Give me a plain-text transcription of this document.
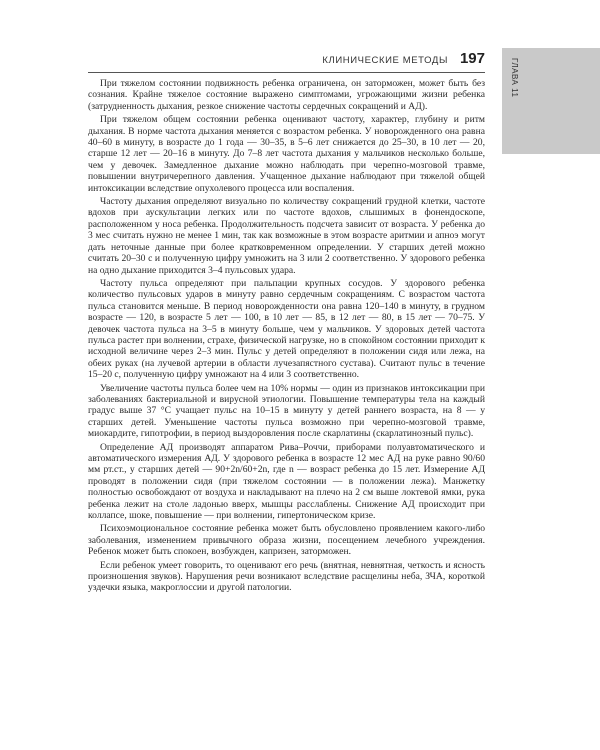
КЛИНИЧЕСКИЕ МЕТОДЫ 197	ГЛАВА 11

При тяжелом состоянии подвижность ребенка ограничена, он заторможен, может быть без сознания. Крайне тяжелое состояние выражено симптомами, угрожающими жизни ребенка (затрудненность дыхания, резкое снижение частоты сердечных сокращений и АД).

При тяжелом общем состоянии ребенка оценивают частоту, характер, глубину и ритм дыхания. В норме частота дыхания меняется с возрастом ребенка. У новорожденного она равна 40–60 в минуту, в возрасте до 1 года — 30–35, в 5–6 лет снижается до 25–30, в 10 лет — 20, старше 12 лет — 20–16 в минуту. До 7–8 лет частота дыхания у мальчиков несколько больше, чем у девочек. Замедленное дыхание можно наблюдать при черепно-мозговой травме, повышении внутричерепного давления. Учащенное дыхание наблюдают при тяжелой общей интоксикации вследствие опухолевого процесса или воспаления.

Частоту дыхания определяют визуально по количеству сокращений грудной клетки, частоте вдохов при аускультации легких или по частоте вдохов, слышимых в фонендоскопе, расположенном у носа ребенка. Продолжительность подсчета зависит от возраста. У ребенка до 3 мес считать нужно не менее 1 мин, так как возможные в этом возрасте аритмии и апноэ могут дать неточные данные при более кратковременном определении. У старших детей можно считать 20–30 с и полученную цифру умножить на 3 или 2 соответственно. У здорового ребенка на одно дыхание приходится 3–4 пульсовых удара.

Частоту пульса определяют при пальпации крупных сосудов. У здорового ребенка количество пульсовых ударов в минуту равно сердечным сокращениям. С возрастом частота пульса становится меньше. В период новорожденности она равна 120–140 в минуту, в грудном возрасте — 120, в возрасте 5 лет — 100, в 10 лет — 85, в 12 лет — 80, в 15 лет — 70–75. У девочек частота пульса на 3–5 в минуту больше, чем у мальчиков. У здоровых детей частота пульса растет при волнении, страхе, физической нагрузке, но в спокойном состоянии приходит к исходной величине через 2–3 мин. Пульс у детей определяют в положении сидя или лежа, на обеих руках (на лучевой артерии в области лучезапястного сустава). Считают пульс в течение 15–20 с, полученную цифру умножают на 4 или 3 соответственно.

Увеличение частоты пульса более чем на 10% нормы — один из признаков интоксикации при заболеваниях бактериальной и вирусной этиологии. Повышение температуры тела на каждый градус выше 37 °С учащает пульс на 10–15 в минуту у детей раннего возраста, на 8 — у старших детей. Уменьшение частоты пульса возможно при черепно-мозговой травме, миокардите, гипотрофии, в период выздоровления после скарлатины (скарлатинозный пульс).

Определение АД производят аппаратом Рива–Роччи, приборами полуавтоматического и автоматического измерения АД. У здорового ребенка в возрасте 12 мес АД на руке равно 90/60 мм рт.ст., у старших детей — 90+2n/60+2n, где n — возраст ребенка до 15 лет. Измерение АД проводят в положении сидя (при тяжелом состоянии — в положении лежа). Манжетку полностью освобождают от воздуха и накладывают на плечо на 2 см выше локтевой ямки, рука ребенка лежит на столе ладонью вверх, мышцы расслаблены. Снижение АД происходит при коллапсе, шоке, повышение — при волнении, гипертоническом кризе.

Психоэмоциональное состояние ребенка может быть обусловлено проявлением какого-либо заболевания, изменением привычного образа жизни, посещением лечебного учреждения. Ребенок может быть спокоен, возбужден, капризен, заторможен.

Если ребенок умеет говорить, то оценивают его речь (внятная, невнятная, четкость и ясность произношения звуков). Нарушения речи возникают вследствие расщелины неба, ЗЧА, короткой уздечки языка, макроглоссии и другой патологии.
